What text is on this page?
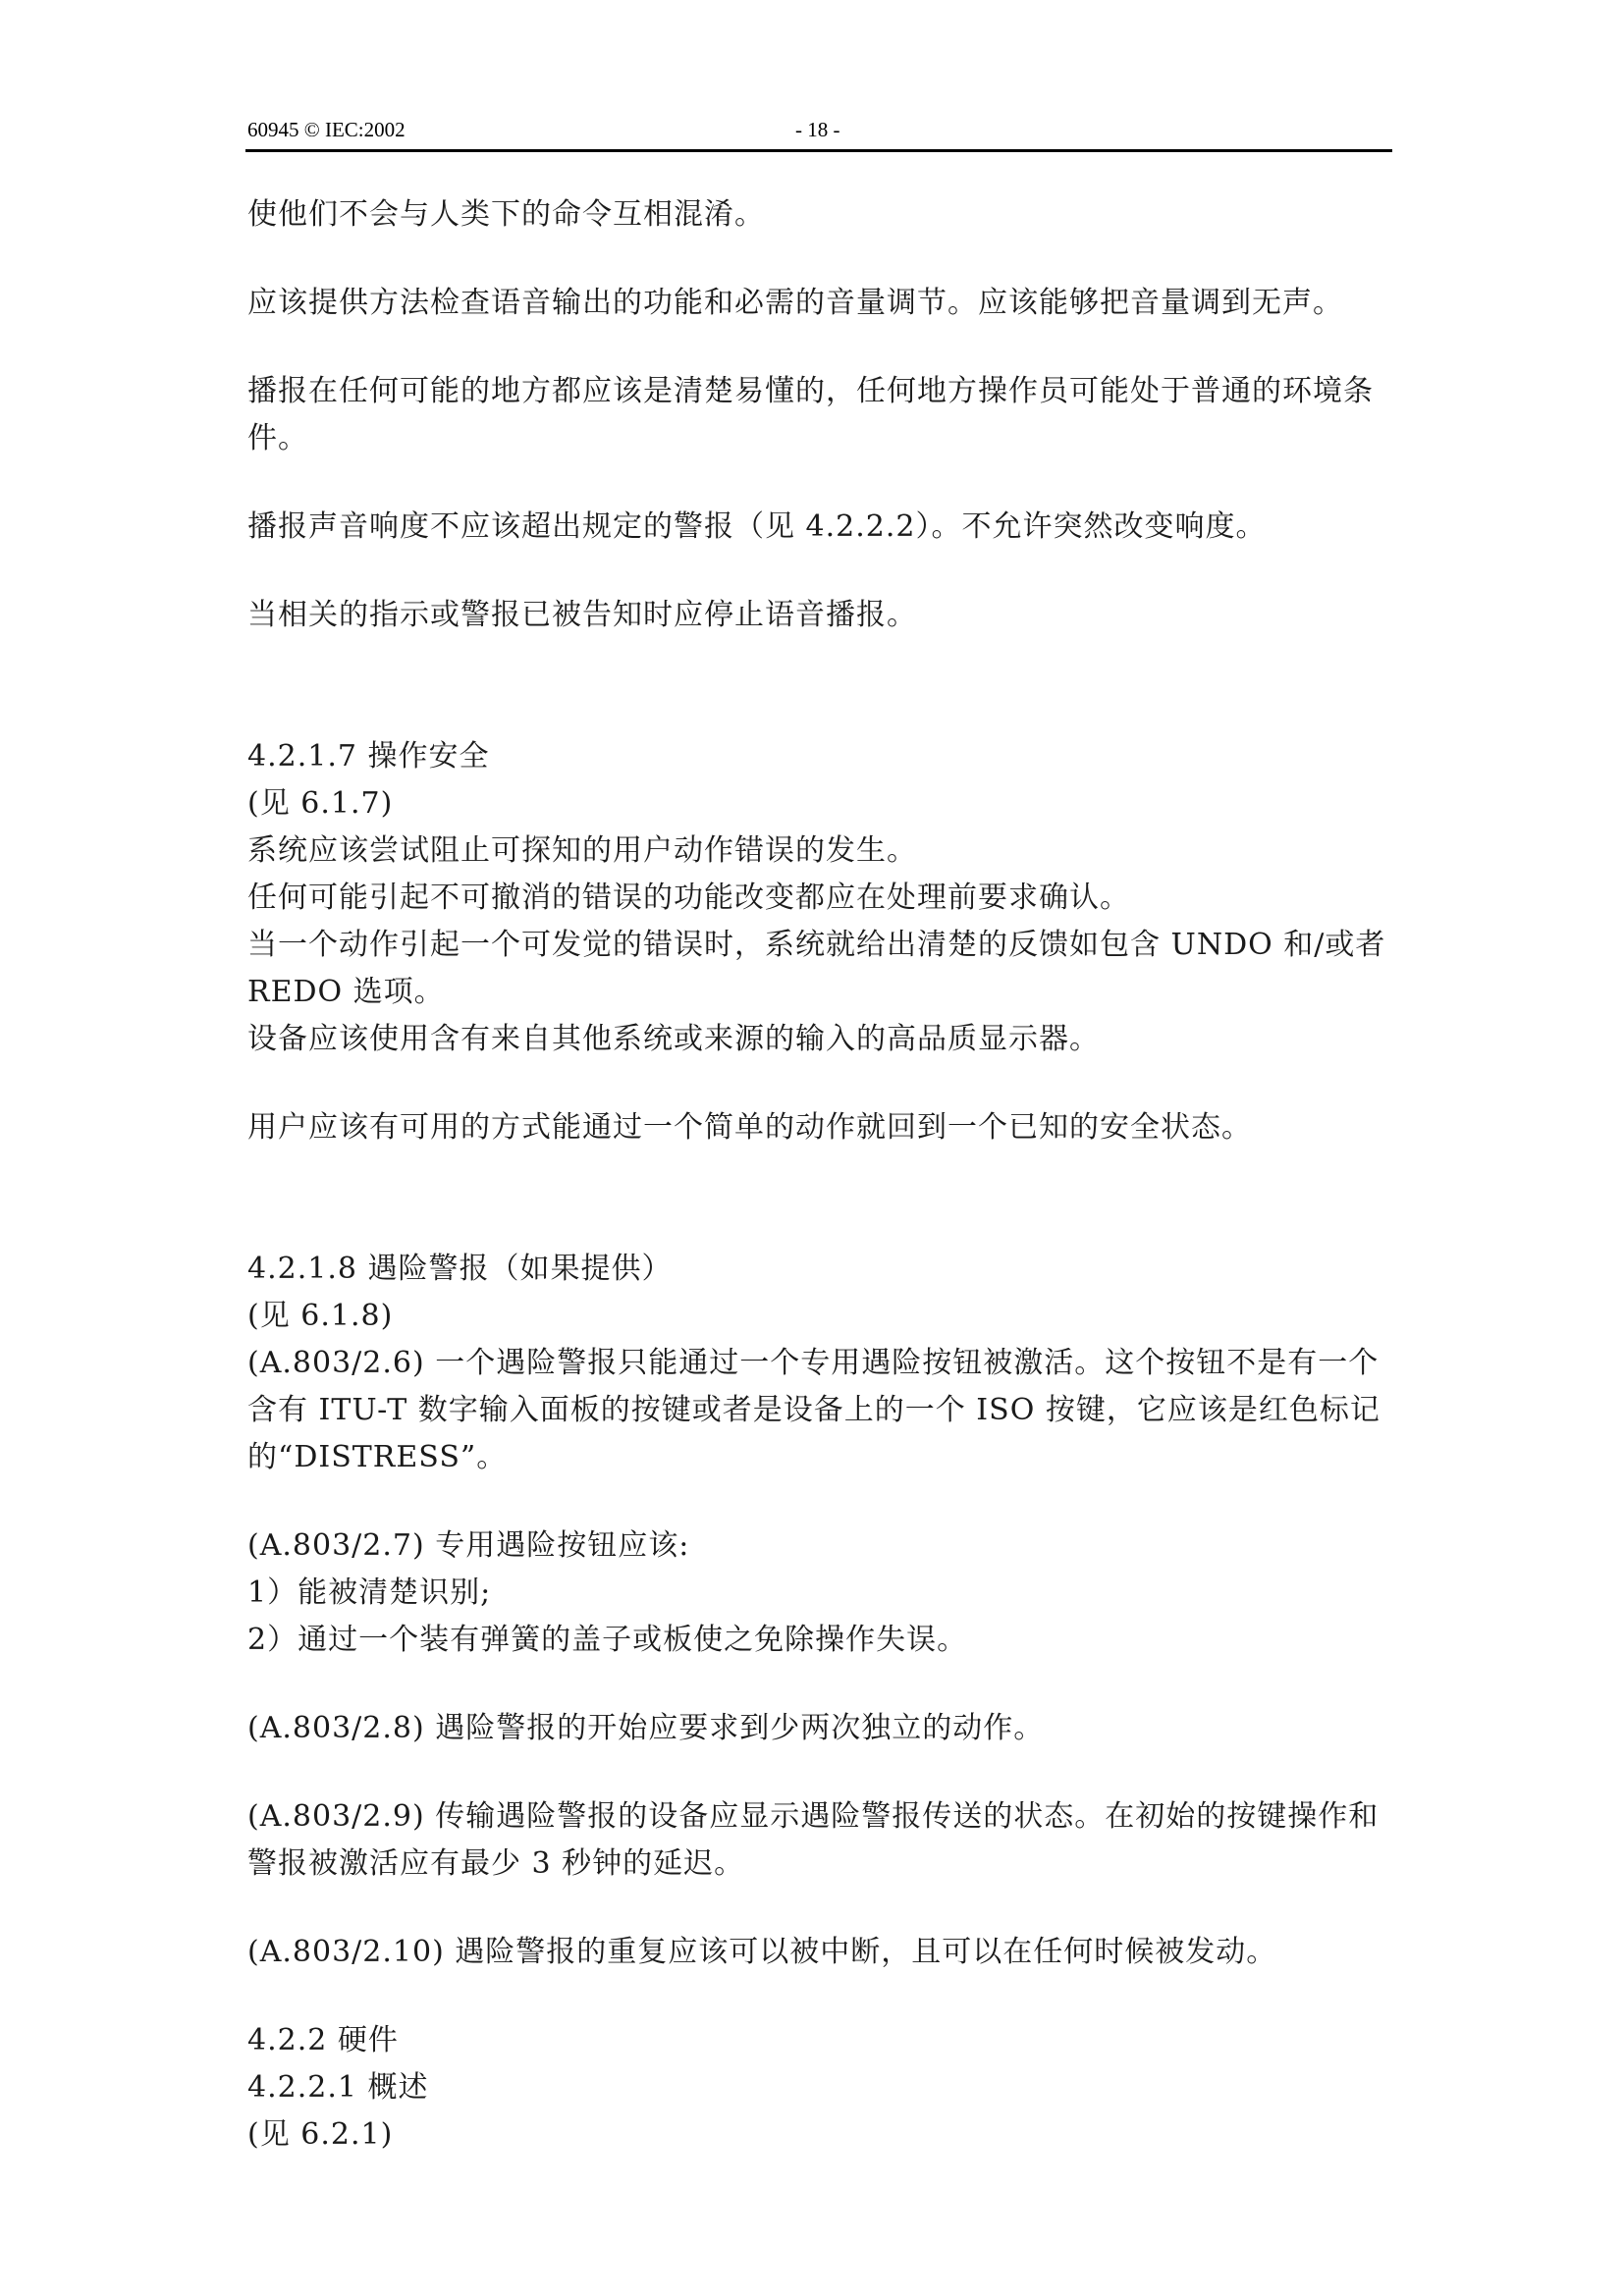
60945 © IEC:2002	- 18 -

使他们不会与人类下的命令互相混淆。

应该提供方法检查语音输出的功能和必需的音量调节。应该能够把音量调到无声。

播报在任何可能的地方都应该是清楚易懂的，任何地方操作员可能处于普通的环境条件。

播报声音响度不应该超出规定的警报（见 4.2.2.2）。不允许突然改变响度。

当相关的指示或警报已被告知时应停止语音播报。

4.2.1.7 操作安全

(见 6.1.7)

系统应该尝试阻止可探知的用户动作错误的发生。

任何可能引起不可撤消的错误的功能改变都应在处理前要求确认。

当一个动作引起一个可发觉的错误时，系统就给出清楚的反馈如包含 UNDO 和/或者 REDO 选项。

设备应该使用含有来自其他系统或来源的输入的高品质显示器。

用户应该有可用的方式能通过一个简单的动作就回到一个已知的安全状态。

4.2.1.8 遇险警报（如果提供）

(见 6.1.8)

(A.803/2.6) 一个遇险警报只能通过一个专用遇险按钮被激活。这个按钮不是有一个含有 ITU-T 数字输入面板的按键或者是设备上的一个 ISO 按键，它应该是红色标记的“DISTRESS”。

(A.803/2.7) 专用遇险按钮应该:

1）能被清楚识别;

2）通过一个装有弹簧的盖子或板使之免除操作失误。

(A.803/2.8) 遇险警报的开始应要求到少两次独立的动作。

(A.803/2.9) 传输遇险警报的设备应显示遇险警报传送的状态。在初始的按键操作和警报被激活应有最少 3 秒钟的延迟。

(A.803/2.10) 遇险警报的重复应该可以被中断，且可以在任何时候被发动。

4.2.2 硬件

4.2.2.1 概述

(见 6.2.1)
